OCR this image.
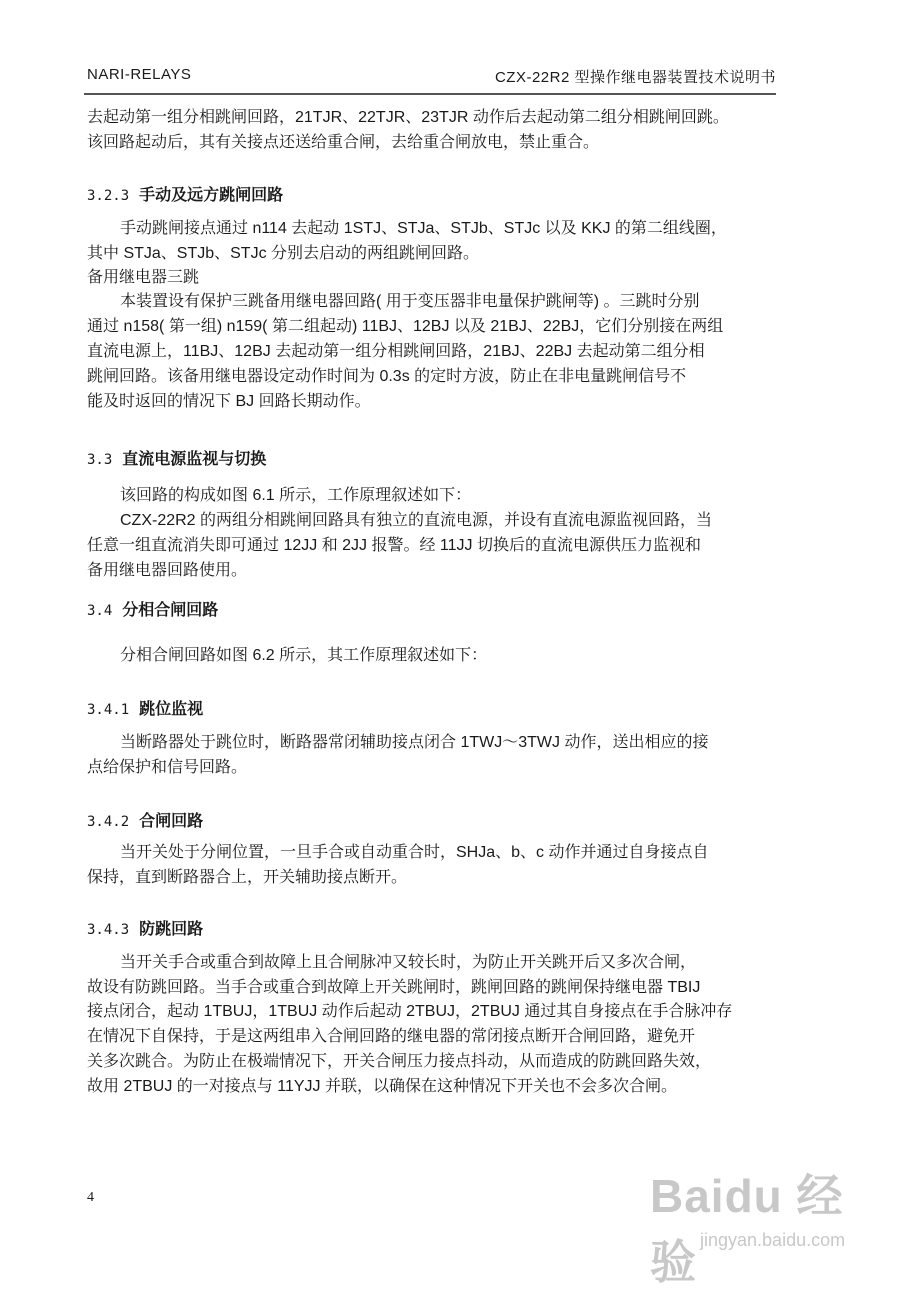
NARI-RELAYS	CZX-22R2 型操作继电器装置技术说明书
去起动第一组分相跳闸回路，21TJR、22TJR、23TJR 动作后去起动第二组分相跳闸回跳。
该回路起动后，其有关接点还送给重合闸，去给重合闸放电，禁止重合。
3.2.3 手动及远方跳闸回路
手动跳闸接点通过 n114 去起动 1STJ、STJa、STJb、STJc 以及 KKJ 的第二组线圈，
其中 STJa、STJb、STJc 分别去启动的两组跳闸回路。
备用继电器三跳
本装置设有保护三跳备用继电器回路( 用于变压器非电量保护跳闸等) 。三跳时分别
通过 n158( 第一组) n159( 第二组起动) 11BJ、12BJ 以及 21BJ、22BJ，它们分别接在两组
直流电源上，11BJ、12BJ 去起动第一组分相跳闸回路，21BJ、22BJ 去起动第二组分相
跳闸回路。该备用继电器设定动作时间为 0.3s 的定时方波，防止在非电量跳闸信号不
能及时返回的情况下 BJ 回路长期动作。
3.3 直流电源监视与切换
该回路的构成如图 6.1 所示，工作原理叙述如下：
CZX-22R2 的两组分相跳闸回路具有独立的直流电源，并设有直流电源监视回路，当
任意一组直流消失即可通过 12JJ 和 2JJ 报警。经 11JJ 切换后的直流电源供压力监视和
备用继电器回路使用。
3.4 分相合闸回路
分相合闸回路如图 6.2 所示，其工作原理叙述如下：
3.4.1 跳位监视
当断路器处于跳位时，断路器常闭辅助接点闭合 1TWJ～3TWJ 动作，送出相应的接
点给保护和信号回路。
3.4.2 合闸回路
当开关处于分闸位置，一旦手合或自动重合时，SHJa、b、c 动作并通过自身接点自
保持，直到断路器合上，开关辅助接点断开。
3.4.3 防跳回路
当开关手合或重合到故障上且合闸脉冲又较长时，为防止开关跳开后又多次合闸，
故设有防跳回路。当手合或重合到故障上开关跳闸时，跳闸回路的跳闸保持继电器 TBIJ
接点闭合，起动 1TBUJ，1TBUJ 动作后起动 2TBUJ，2TBUJ 通过其自身接点在手合脉冲存
在情况下自保持，于是这两组串入合闸回路的继电器的常闭接点断开合闸回路，避免开
关多次跳合。为防止在极端情况下，开关合闸压力接点抖动，从而造成的防跳回路失效，
故用 2TBUJ 的一对接点与 11YJJ 并联，以确保在这种情况下开关也不会多次合闸。
4	Baidu 经验 jingyan.baidu.com
